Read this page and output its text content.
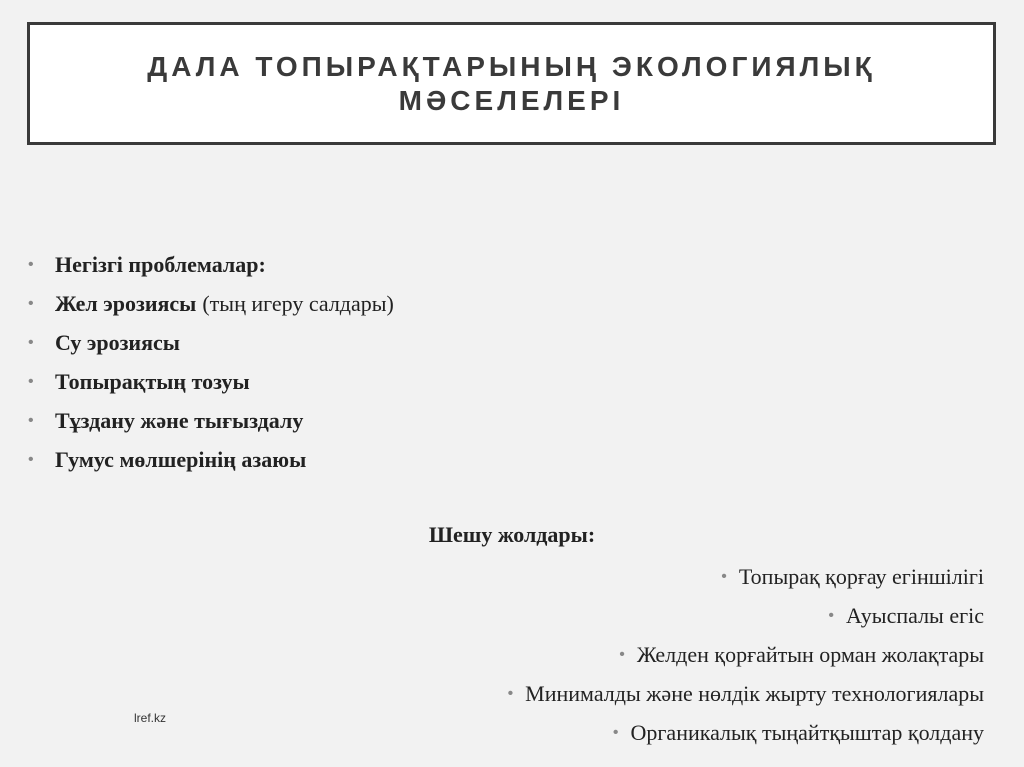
ДАЛА ТОПЫРАҚТАРЫНЫҢ ЭКОЛОГИЯЛЫҚ
МӘСЕЛЕЛЕРІ
• Негізгі проблемалар:
• Жел эрозиясы (тың игеру салдары)
• Су эрозиясы
• Топырақтың тозуы
• Тұздану және тығыздалу
• Гумус мөлшерінің азаюы
Шешу жолдары:
• Топырақ қорғау егіншілігі
• Ауыспалы егіс
• Желден қорғайтын орман жолақтары
• Минималды және нөлдік жырту технологиялары
• Органикалық тыңайтқыштар қолдану
lref.kz
